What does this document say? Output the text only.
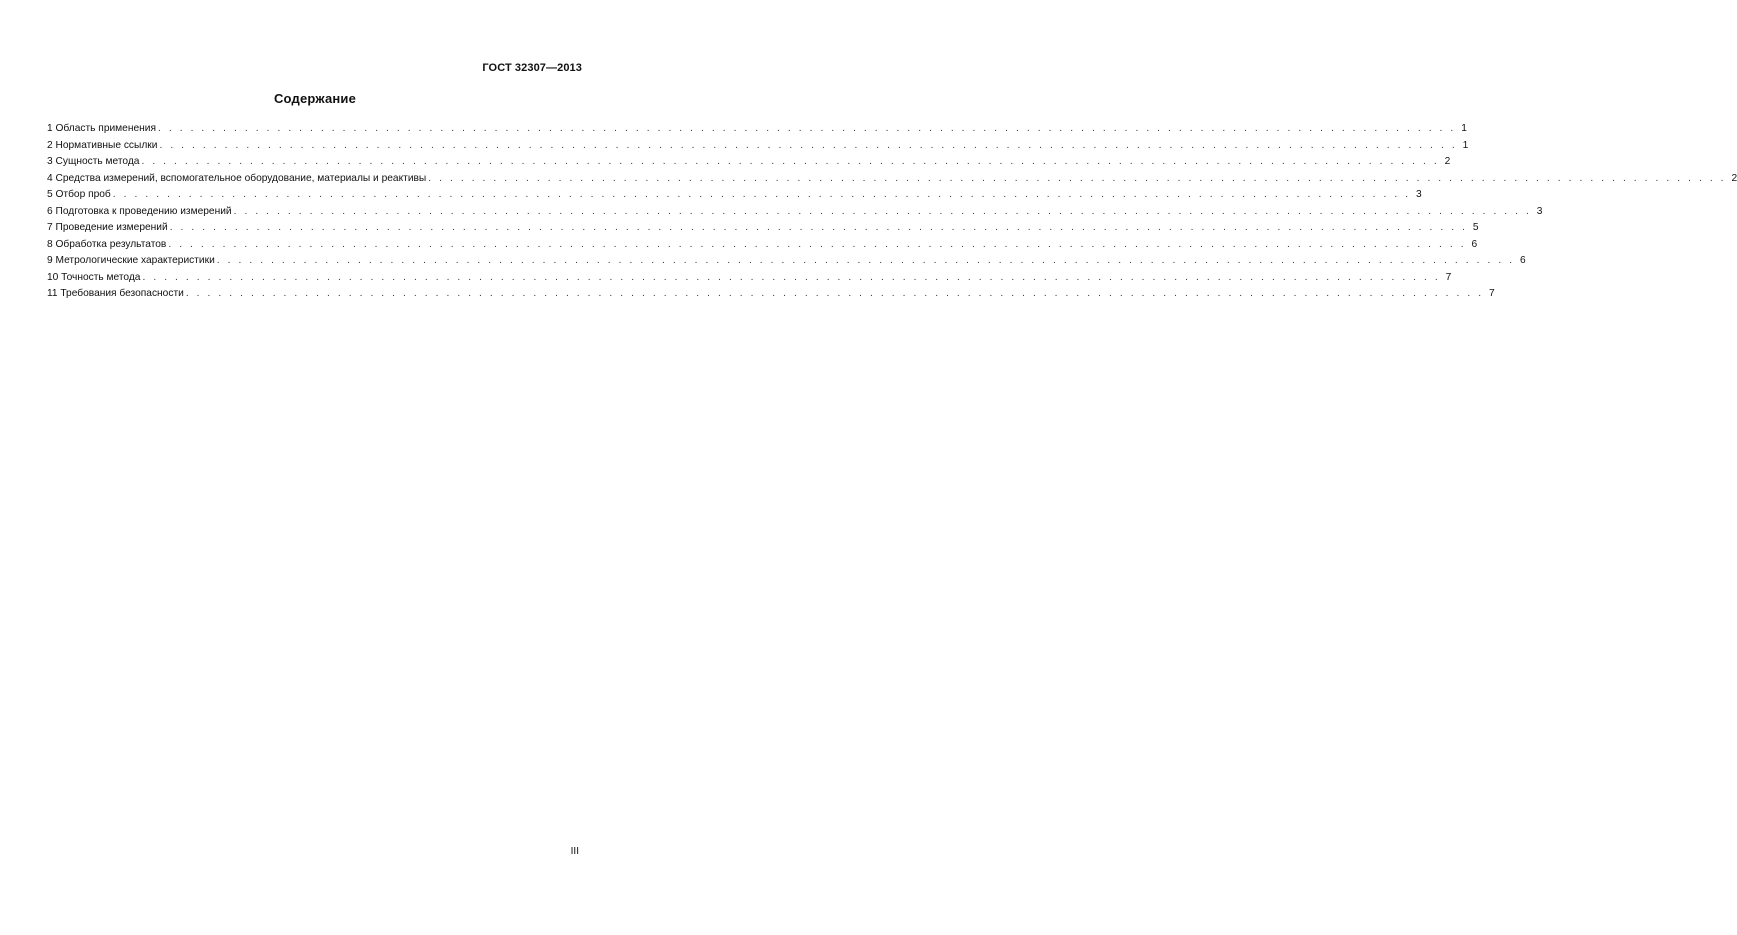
ГОСТ 32307—2013
Содержание
1 Область применения . . . . . . . . . . . . . . . . . . . . . . . . . . . . . . . . . . . . . . . . . . . . . . . . . . . . . . . . . . . . . . . . . . . . . . . . . . . . . . . . . . . . . . . . . . . . . . . . . . . . . . . . . . . . . . . . . . . . . . . . 1
2 Нормативные ссылки . . . . . . . . . . . . . . . . . . . . . . . . . . . . . . . . . . . . . . . . . . . . . . . . . . . . . . . . . . . . . . . . . . . . . . . . . . . . . . . . . . . . . . . . . . . . . . . . . . . . . . . . . . . . . . . . . . . . . . . . 1
3 Сущность метода . . . . . . . . . . . . . . . . . . . . . . . . . . . . . . . . . . . . . . . . . . . . . . . . . . . . . . . . . . . . . . . . . . . . . . . . . . . . . . . . . . . . . . . . . . . . . . . . . . . . . . . . . . . . . . . . . . . . . . . . 2
4 Средства измерений, вспомогательное оборудование, материалы и реактивы . . . . . . . . . . . . . . . . . . . . . . . . . . . . . . . . . . . . . . . . . . . . . . . . . . . . . . . . . . . . . . . . . . . . . . . . . . . . . . . . . . . . . . . . . . . . . . . . . . . . . . . . . . . . . . . . . . . . . . . . 2
5 Отбор проб . . . . . . . . . . . . . . . . . . . . . . . . . . . . . . . . . . . . . . . . . . . . . . . . . . . . . . . . . . . . . . . . . . . . . . . . . . . . . . . . . . . . . . . . . . . . . . . . . . . . . . . . . . . . . . . . . . . . . . . . 3
6 Подготовка к проведению измерений . . . . . . . . . . . . . . . . . . . . . . . . . . . . . . . . . . . . . . . . . . . . . . . . . . . . . . . . . . . . . . . . . . . . . . . . . . . . . . . . . . . . . . . . . . . . . . . . . . . . . . . . . . . . . . . . . . . . . . . . 3
7 Проведение измерений . . . . . . . . . . . . . . . . . . . . . . . . . . . . . . . . . . . . . . . . . . . . . . . . . . . . . . . . . . . . . . . . . . . . . . . . . . . . . . . . . . . . . . . . . . . . . . . . . . . . . . . . . . . . . . . . . . . . . . . . 5
8 Обработка результатов . . . . . . . . . . . . . . . . . . . . . . . . . . . . . . . . . . . . . . . . . . . . . . . . . . . . . . . . . . . . . . . . . . . . . . . . . . . . . . . . . . . . . . . . . . . . . . . . . . . . . . . . . . . . . . . . . . . . . . . . 6
9 Метрологические характеристики . . . . . . . . . . . . . . . . . . . . . . . . . . . . . . . . . . . . . . . . . . . . . . . . . . . . . . . . . . . . . . . . . . . . . . . . . . . . . . . . . . . . . . . . . . . . . . . . . . . . . . . . . . . . . . . . . . . . . . . . 6
10 Точность метода . . . . . . . . . . . . . . . . . . . . . . . . . . . . . . . . . . . . . . . . . . . . . . . . . . . . . . . . . . . . . . . . . . . . . . . . . . . . . . . . . . . . . . . . . . . . . . . . . . . . . . . . . . . . . . . . . . . . . . . . 7
11 Требования безопасности . . . . . . . . . . . . . . . . . . . . . . . . . . . . . . . . . . . . . . . . . . . . . . . . . . . . . . . . . . . . . . . . . . . . . . . . . . . . . . . . . . . . . . . . . . . . . . . . . . . . . . . . . . . . . . . . . . . . . . . . 7
III
